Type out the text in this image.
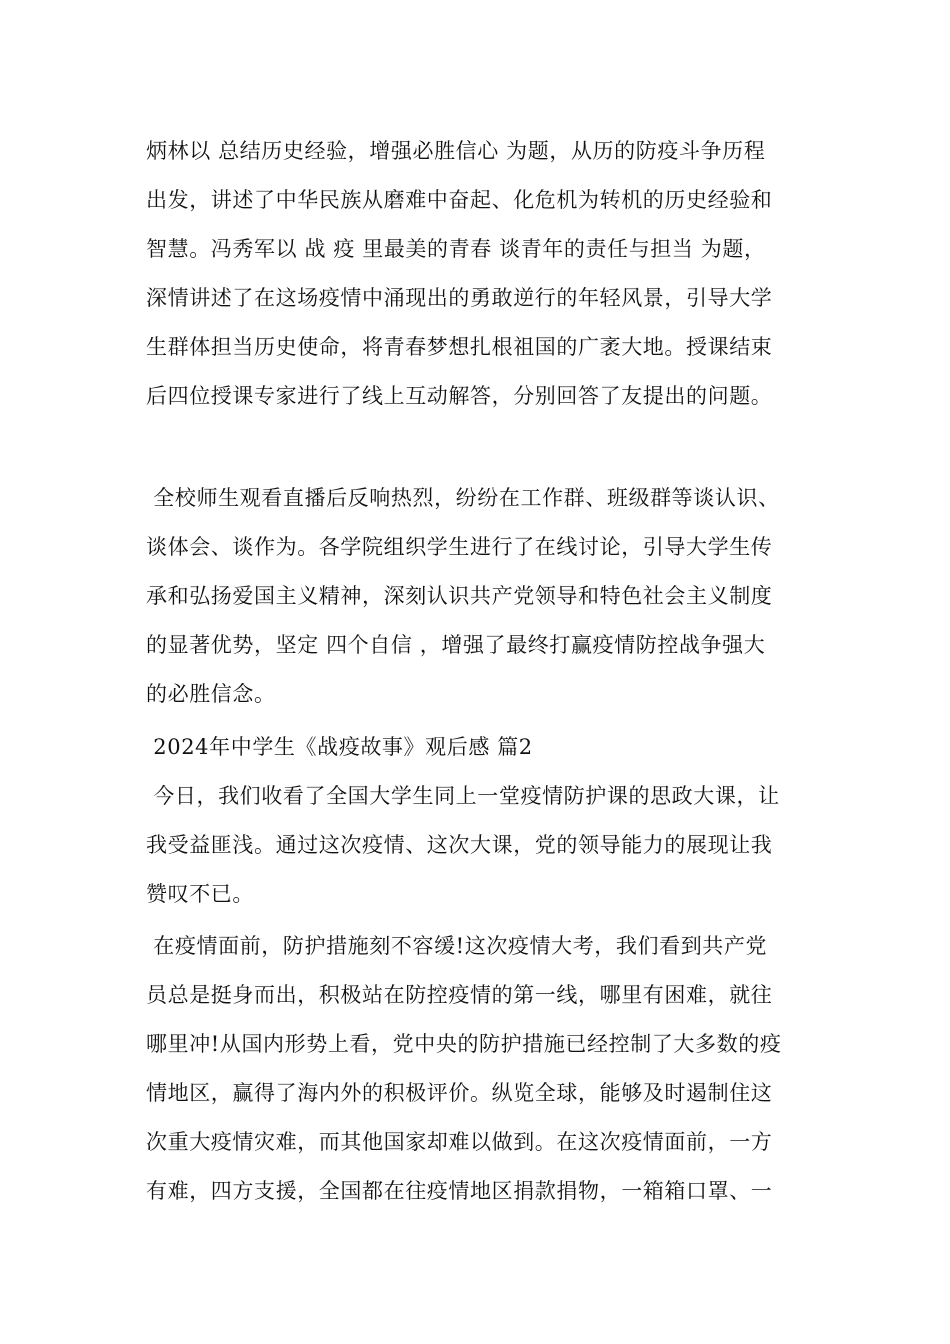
炳林以 总结历史经验，增强必胜信心 为题，从历的防疫斗争历程
出发，讲述了中华民族从磨难中奋起、化危机为转机的历史经验和
智慧。冯秀军以 战 疫 里最美的青春 谈青年的责任与担当 为题，
深情讲述了在这场疫情中涌现出的勇敢逆行的年轻风景，引导大学
生群体担当历史使命，将青春梦想扎根祖国的广袤大地。授课结束
后四位授课专家进行了线上互动解答，分别回答了友提出的问题。
全校师生观看直播后反响热烈，纷纷在工作群、班级群等谈认识、
谈体会、谈作为。各学院组织学生进行了在线讨论，引导大学生传
承和弘扬爱国主义精神，深刻认识共产党领导和特色社会主义制度
的显著优势，坚定 四个自信 ，增强了最终打赢疫情防控战争强大
的必胜信念。
2024年中学生《战疫故事》观后感 篇2
今日，我们收看了全国大学生同上一堂疫情防护课的思政大课，让
我受益匪浅。通过这次疫情、这次大课，党的领导能力的展现让我
赞叹不已。
在疫情面前，防护措施刻不容缓!这次疫情大考，我们看到共产党
员总是挺身而出，积极站在防控疫情的第一线，哪里有困难，就往
哪里冲!从国内形势上看，党中央的防护措施已经控制了大多数的疫
情地区，赢得了海内外的积极评价。纵览全球，能够及时遏制住这
次重大疫情灾难，而其他国家却难以做到。在这次疫情面前，一方
有难，四方支援，全国都在往疫情地区捐款捐物，一箱箱口罩、一
